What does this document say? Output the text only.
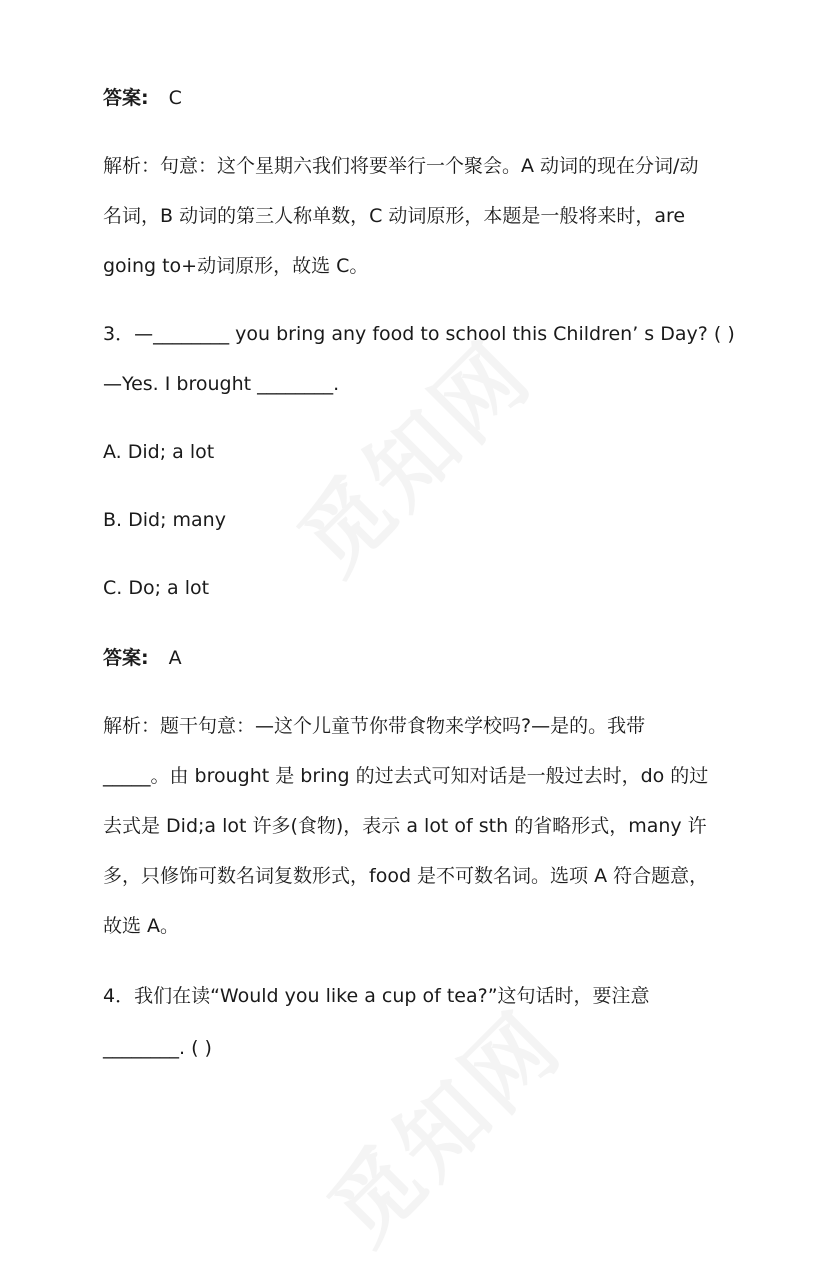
答案: C
解析：句意：这个星期六我们将要举行一个聚会。A 动词的现在分词/动
名词，B 动词的第三人称单数，C 动词原形，本题是一般将来时，are
going to+动词原形，故选 C。
3．—________ you bring any food to school this Children’ s Day? ( )
—Yes. I brought ________.
A. Did; a lot
B. Did; many
C. Do; a lot
答案: A
解析：题干句意：—这个儿童节你带食物来学校吗?—是的。我带
_____。由 brought 是 bring 的过去式可知对话是一般过去时，do 的过
去式是 Did;a lot 许多(食物)，表示 a lot of sth 的省略形式，many 许
多，只修饰可数名词复数形式，food 是不可数名词。选项 A 符合题意，
故选 A。
4．我们在读“Would you like a cup of tea?”这句话时，要注意
________. ( )
